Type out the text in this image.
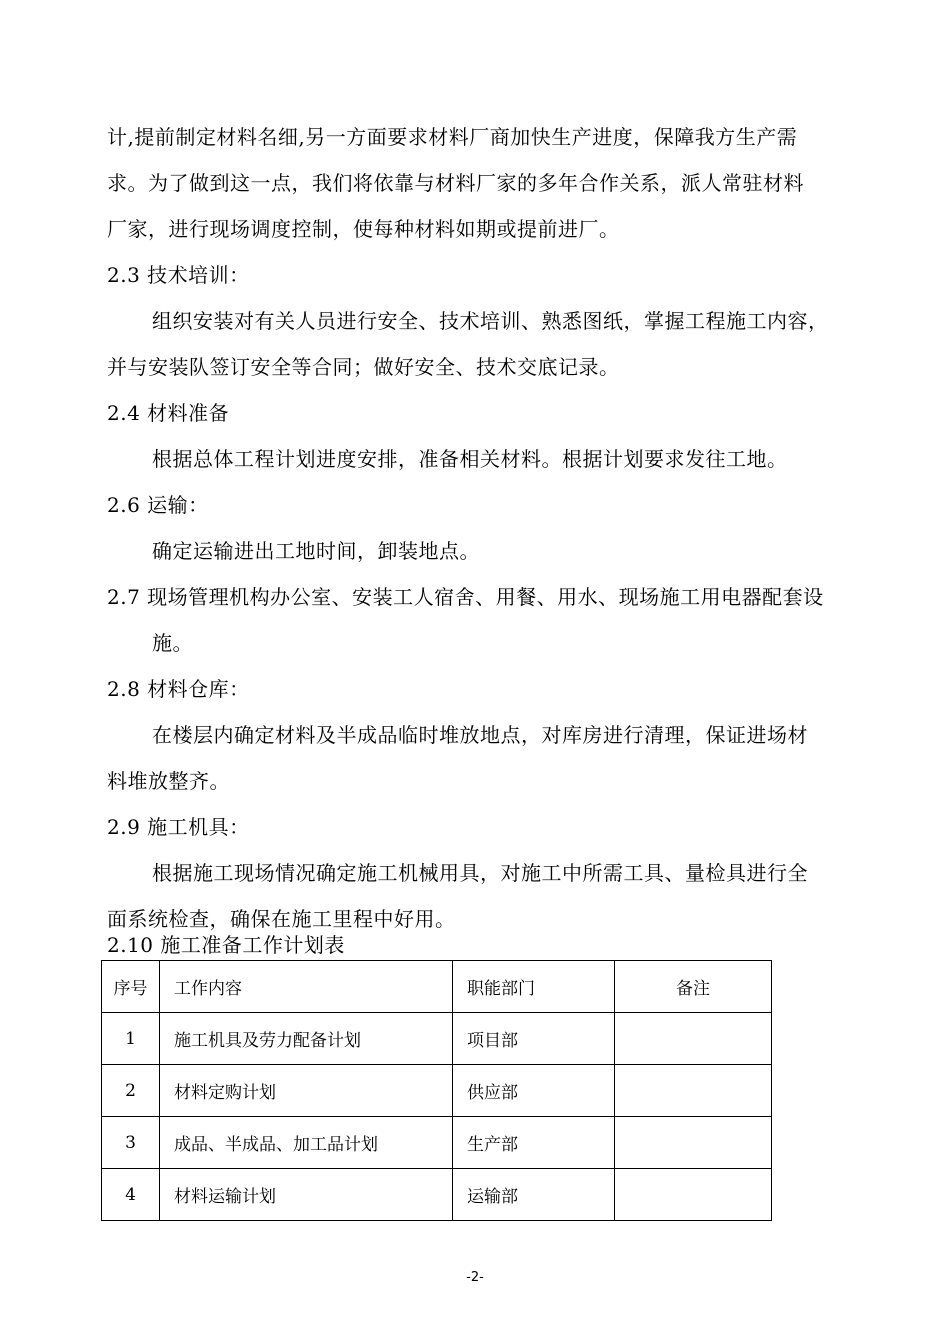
计,提前制定材料名细,另一方面要求材料厂商加快生产进度，保障我方生产需
求。为了做到这一点，我们将依靠与材料厂家的多年合作关系，派人常驻材料
厂家，进行现场调度控制，使每种材料如期或提前进厂。
2.3 技术培训：
组织安装对有关人员进行安全、技术培训、熟悉图纸，掌握工程施工内容，
并与安装队签订安全等合同；做好安全、技术交底记录。
2.4 材料准备
根据总体工程计划进度安排，准备相关材料。根据计划要求发往工地。
2.6 运输：
确定运输进出工地时间，卸装地点。
2.7 现场管理机构办公室、安装工人宿舍、用餐、用水、现场施工用电器配套设
施。
2.8 材料仓库：
在楼层内确定材料及半成品临时堆放地点，对库房进行清理，保证进场材
料堆放整齐。
2.9 施工机具：
根据施工现场情况确定施工机械用具，对施工中所需工具、量检具进行全
面系统检查，确保在施工里程中好用。
2.10 施工准备工作计划表
序号	工作内容	职能部门	备注
1	施工机具及劳力配备计划	项目部	
2	材料定购计划	供应部	
3	成品、半成品、加工品计划	生产部	
4	材料运输计划	运输部	
-2-
